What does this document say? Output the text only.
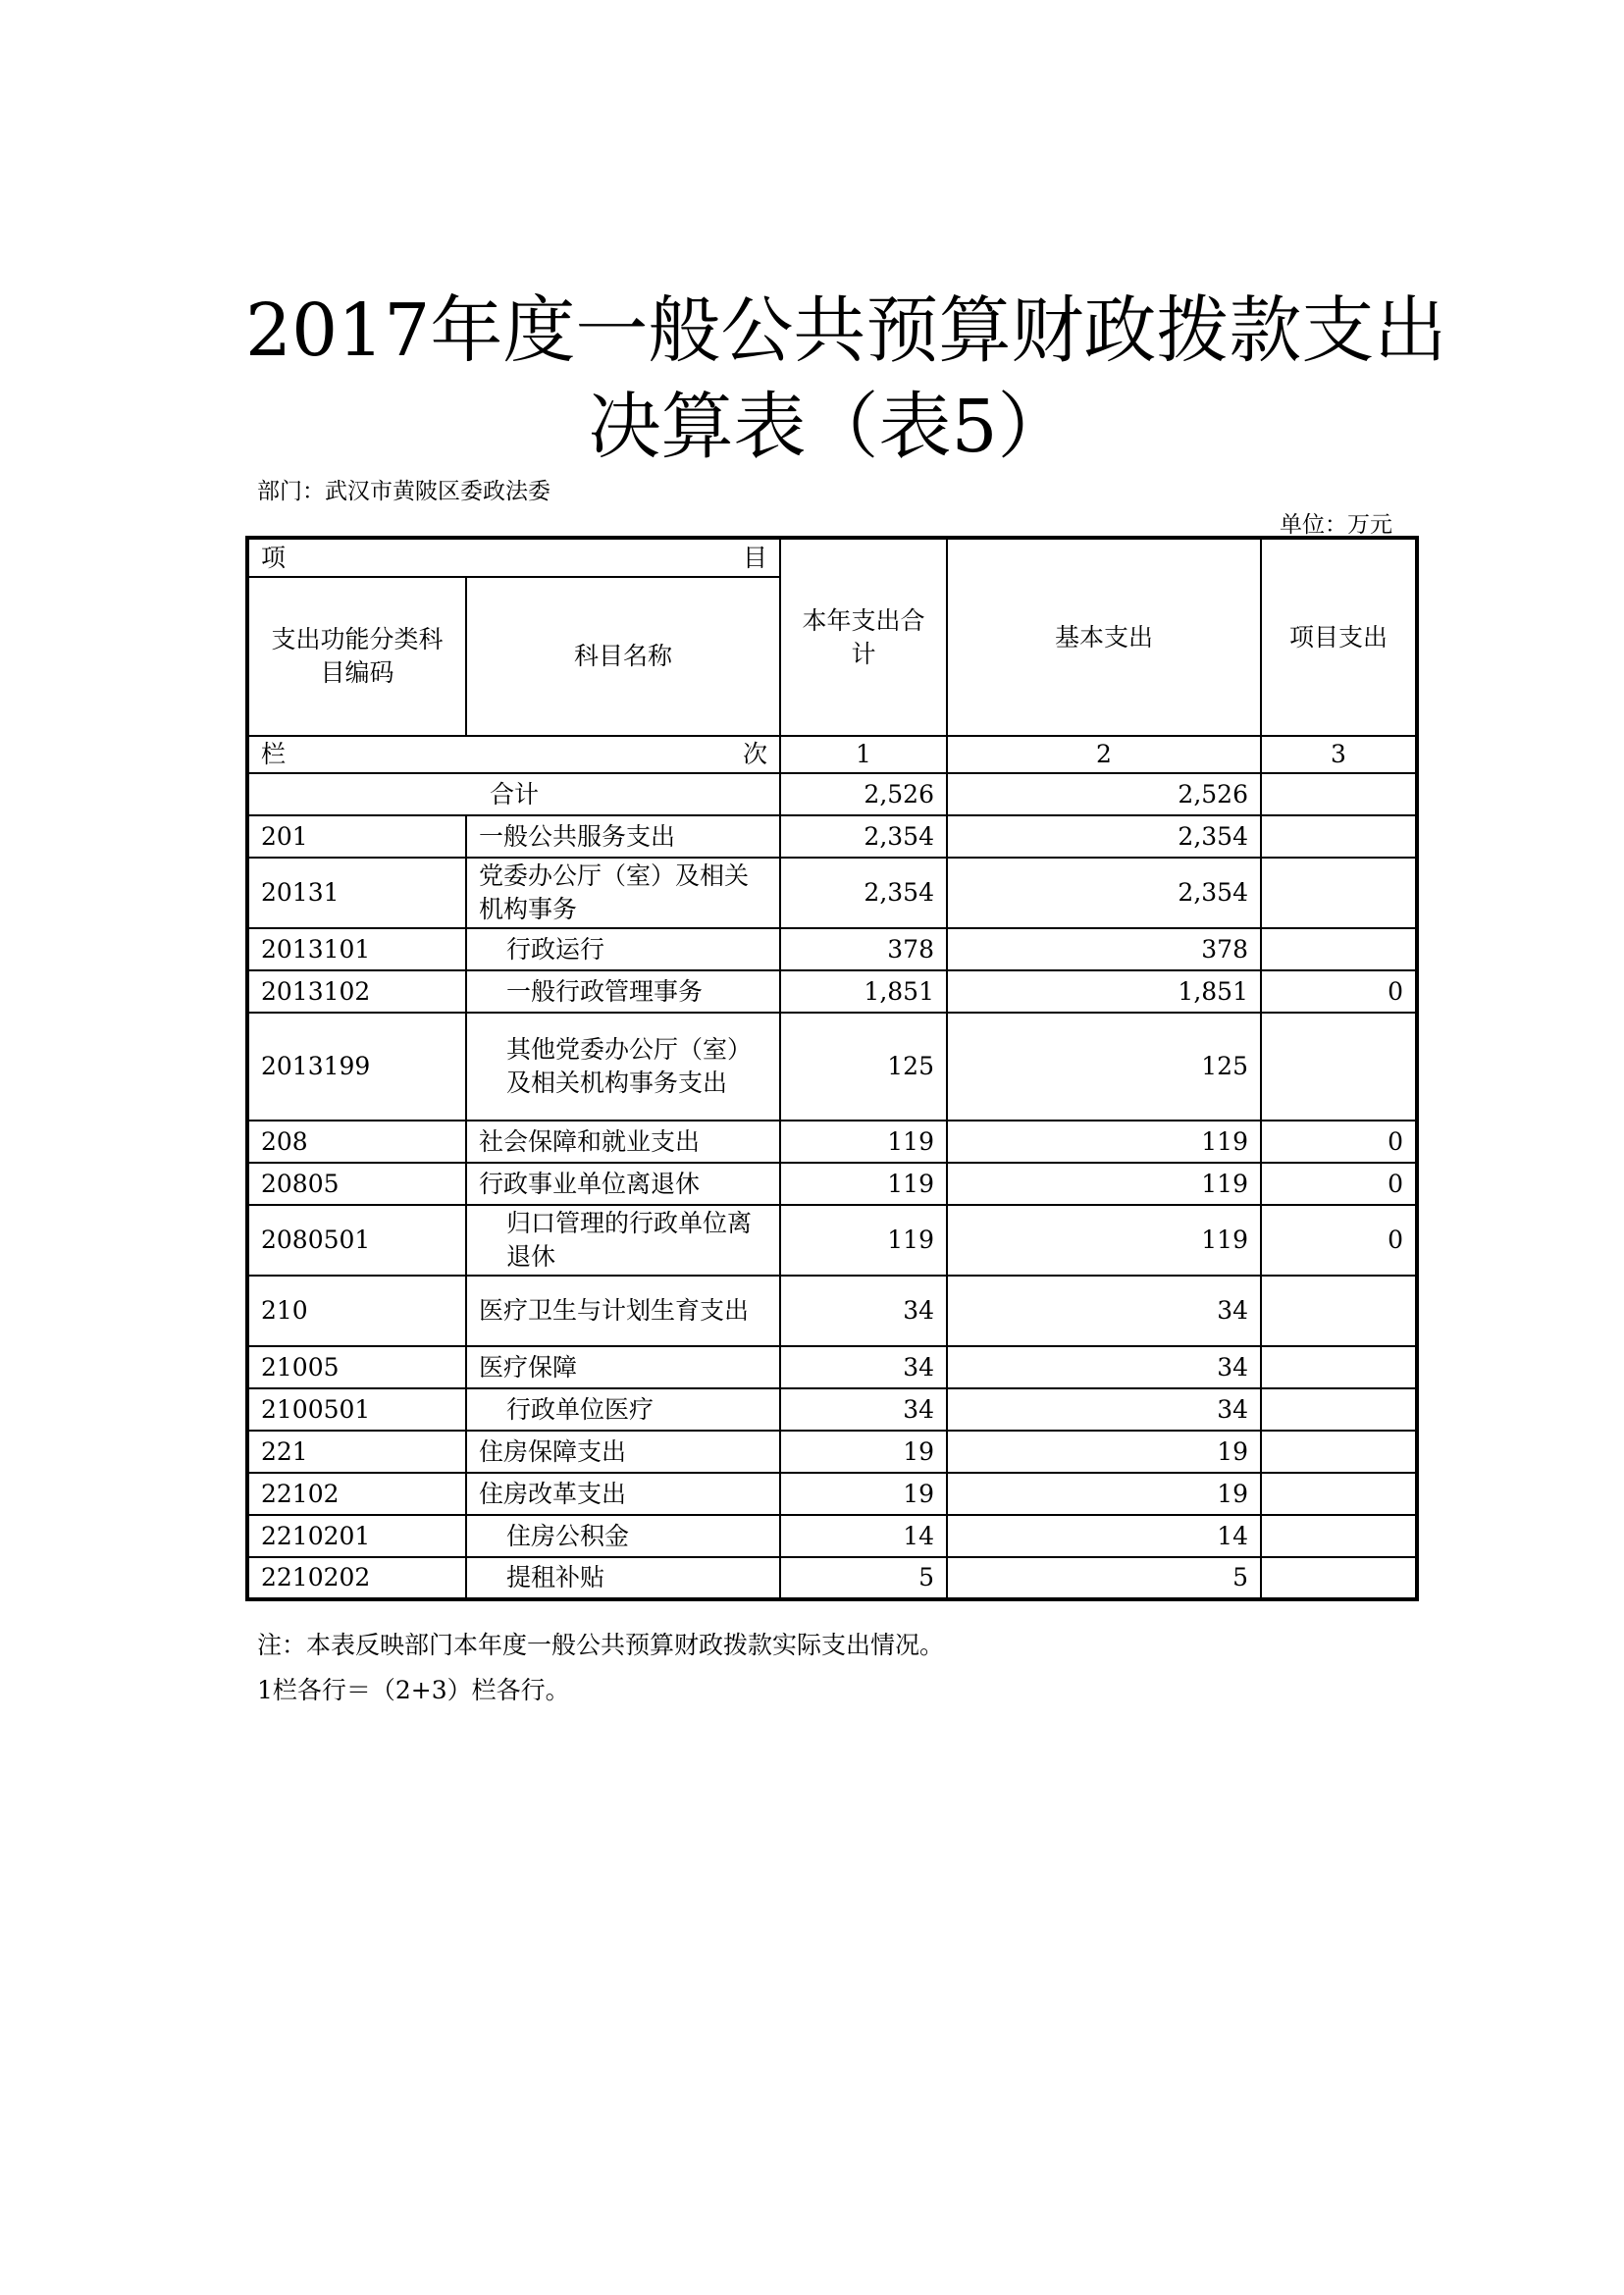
2017年度一般公共预算财政拨款支出
决算表（表5）
部门：武汉市黄陂区委政法委
单位：万元
项 目		本年支出合计	基本支出	项目支出
支出功能分类科目编码	科目名称			

栏 次		1	2	3
合计		2,526	2,526	
201	一般公共服务支出	2,354	2,354	
20131	党委办公厅（室）及相关机构事务	2,354	2,354	
2013101	行政运行	378	378	
2013102	一般行政管理事务	1,851	1,851	0
2013199	其他党委办公厅（室）及相关机构事务支出	125	125	
208	社会保障和就业支出	119	119	0
20805	行政事业单位离退休	119	119	0
2080501	归口管理的行政单位离退休	119	119	0
210	医疗卫生与计划生育支出	34	34	
21005	医疗保障	34	34	
2100501	行政单位医疗	34	34	
221	住房保障支出	19	19	
22102	住房改革支出	19	19	
2210201	住房公积金	14	14	
2210202	提租补贴	5	5	
注：本表反映部门本年度一般公共预算财政拨款实际支出情况。
1栏各行＝（2+3）栏各行。
